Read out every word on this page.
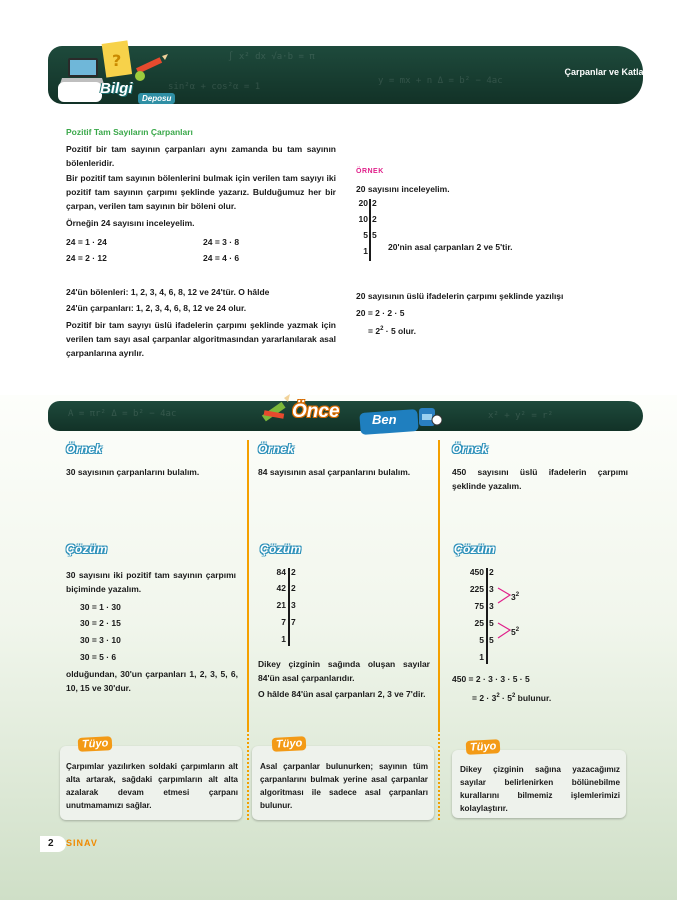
∫ x² dx √a·b = π
y = mx + n Δ = b² − 4ac
sin²α + cos²α = 1
?
Bilgi
Deposu
Çarpanlar ve Katlar
Pozitif Tam Sayıların Çarpanları
Pozitif bir tam sayının çarpanları aynı zamanda bu tam sayının bölenleridir.
Bir pozitif tam sayının bölenlerini bulmak için verilen tam sayıyı iki pozitif tam sayının çarpımı şeklinde yazarız. Bulduğumuz her bir çarpan, verilen tam sayının bir böleni olur.
Örneğin 24 sayısını inceleyelim.
24 = 1 · 24	24 = 3 · 8
24 = 2 · 12	24 = 4 · 6
24'ün bölenleri: 1, 2, 3, 4, 6, 8, 12 ve 24'tür. O hâlde
24'ün çarpanları: 1, 2, 3, 4, 6, 8, 12 ve 24 olur.
Pozitif bir tam sayıyı üslü ifadelerin çarpımı şeklinde yazmak için verilen tam sayı asal çarpanlar algoritmasından yararlanılarak asal çarpanlarına ayrılır.
ÖRNEK
20 sayısını inceleyelim.
20 2
10 2
5 5
1 20'nin asal çarpanları 2 ve 5'tir.
20 sayısının üslü ifadelerin çarpımı şeklinde yazılışı
20 = 2 · 2 · 5
= $2^2 \cdot 5$ olur.
A = πr² Δ = b² − 4ac	x² + y² = r²
Önce Ben
Örnek
30 sayısının çarpanlarını bulalım.
Çözüm
30 sayısını iki pozitif tam sayının çarpımı biçiminde yazalım.
30 = 1 · 30
30 = 2 · 15
30 = 3 · 10
30 = 5 · 6
olduğundan, 30'un çarpanları 1, 2, 3, 5, 6, 10, 15 ve 30'dur.
Tüyo
Çarpımlar yazılırken soldaki çarpımların alt alta artarak, sağdaki çarpımların alt alta azalarak devam etmesi çarpanı unutmamamızı sağlar.
Örnek
84 sayısının asal çarpanlarını bulalım.
Çözüm
84 2
42 2
21 3
7 7
1
Dikey çizginin sağında oluşan sayılar 84'ün asal çarpanlarıdır.
O hâlde 84'ün asal çarpanları 2, 3 ve 7'dir.
Tüyo
Asal çarpanlar bulunurken; sayının tüm çarpanlarını bulmak yerine asal çarpanlar algoritması ile sadece asal çarpanları bulunur.
Örnek
450 sayısını üslü ifadelerin çarpımı şeklinde yazalım.
Çözüm
450 2
225 3
75 3
25 5
5 5
1
$3^2$
$5^2$
450 = 2 · 3 · 3 · 5 · 5
= $2 \cdot 3^2 \cdot 5^2$ bulunur.
Tüyo
Dikey çizginin sağına yazacağımız sayılar belirlenirken bölünebilme kurallarını bilmemiz işlemlerimizi kolaylaştırır.
2 SINAV
